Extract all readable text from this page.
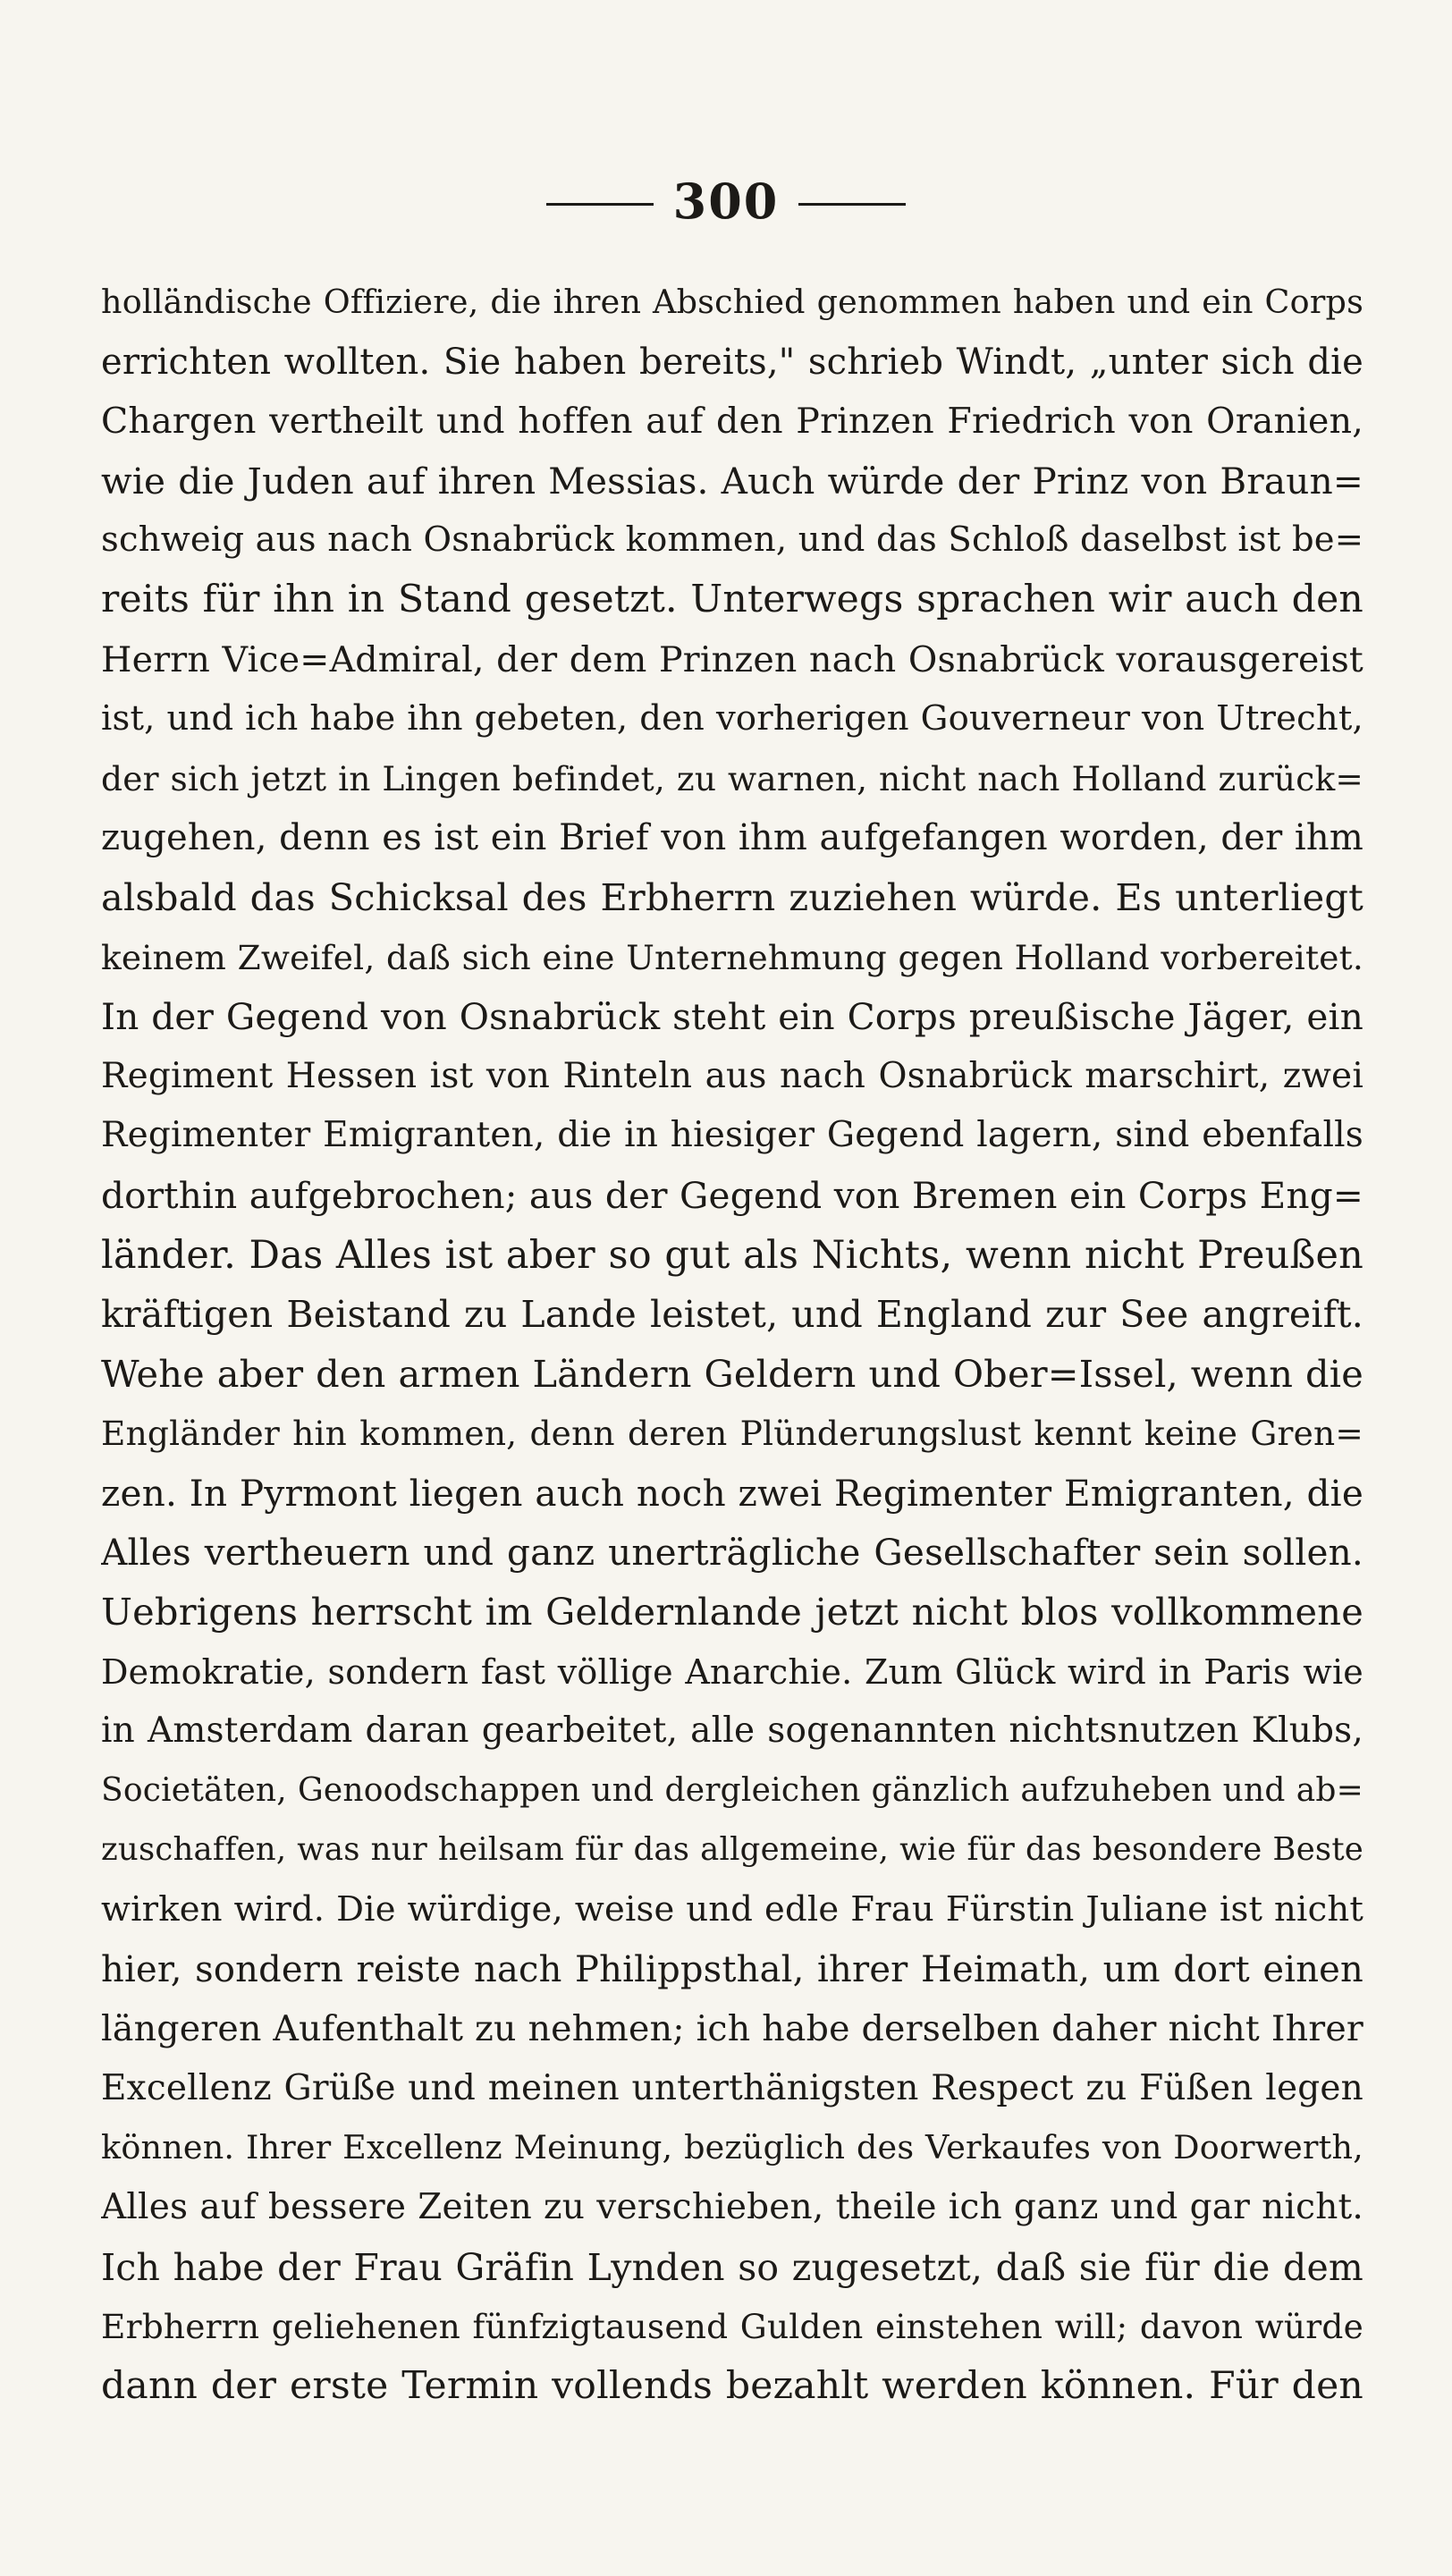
300
holländische Offiziere, die ihren Abschied genommen haben und ein Corps
errichten wollten. Sie haben bereits," schrieb Windt, „unter sich die
Chargen vertheilt und hoffen auf den Prinzen Friedrich von Oranien,
wie die Juden auf ihren Messias. Auch würde der Prinz von Braun=
schweig aus nach Osnabrück kommen, und das Schloß daselbst ist be=
reits für ihn in Stand gesetzt. Unterwegs sprachen wir auch den
Herrn Vice=Admiral, der dem Prinzen nach Osnabrück vorausgereist
ist, und ich habe ihn gebeten, den vorherigen Gouverneur von Utrecht,
der sich jetzt in Lingen befindet, zu warnen, nicht nach Holland zurück=
zugehen, denn es ist ein Brief von ihm aufgefangen worden, der ihm
alsbald das Schicksal des Erbherrn zuziehen würde. Es unterliegt
keinem Zweifel, daß sich eine Unternehmung gegen Holland vorbereitet.
In der Gegend von Osnabrück steht ein Corps preußische Jäger, ein
Regiment Hessen ist von Rinteln aus nach Osnabrück marschirt, zwei
Regimenter Emigranten, die in hiesiger Gegend lagern, sind ebenfalls
dorthin aufgebrochen; aus der Gegend von Bremen ein Corps Eng=
länder. Das Alles ist aber so gut als Nichts, wenn nicht Preußen
kräftigen Beistand zu Lande leistet, und England zur See angreift.
Wehe aber den armen Ländern Geldern und Ober=Issel, wenn die
Engländer hin kommen, denn deren Plünderungslust kennt keine Gren=
zen. In Pyrmont liegen auch noch zwei Regimenter Emigranten, die
Alles vertheuern und ganz unerträgliche Gesellschafter sein sollen.
Uebrigens herrscht im Geldernlande jetzt nicht blos vollkommene
Demokratie, sondern fast völlige Anarchie. Zum Glück wird in Paris wie
in Amsterdam daran gearbeitet, alle sogenannten nichtsnutzen Klubs,
Societäten, Genoodschappen und dergleichen gänzlich aufzuheben und ab=
zuschaffen, was nur heilsam für das allgemeine, wie für das besondere Beste
wirken wird. Die würdige, weise und edle Frau Fürstin Juliane ist nicht
hier, sondern reiste nach Philippsthal, ihrer Heimath, um dort einen
längeren Aufenthalt zu nehmen; ich habe derselben daher nicht Ihrer
Excellenz Grüße und meinen unterthänigsten Respect zu Füßen legen
können. Ihrer Excellenz Meinung, bezüglich des Verkaufes von Doorwerth,
Alles auf bessere Zeiten zu verschieben, theile ich ganz und gar nicht.
Ich habe der Frau Gräfin Lynden so zugesetzt, daß sie für die dem
Erbherrn geliehenen fünfzigtausend Gulden einstehen will; davon würde
dann der erste Termin vollends bezahlt werden können. Für den
